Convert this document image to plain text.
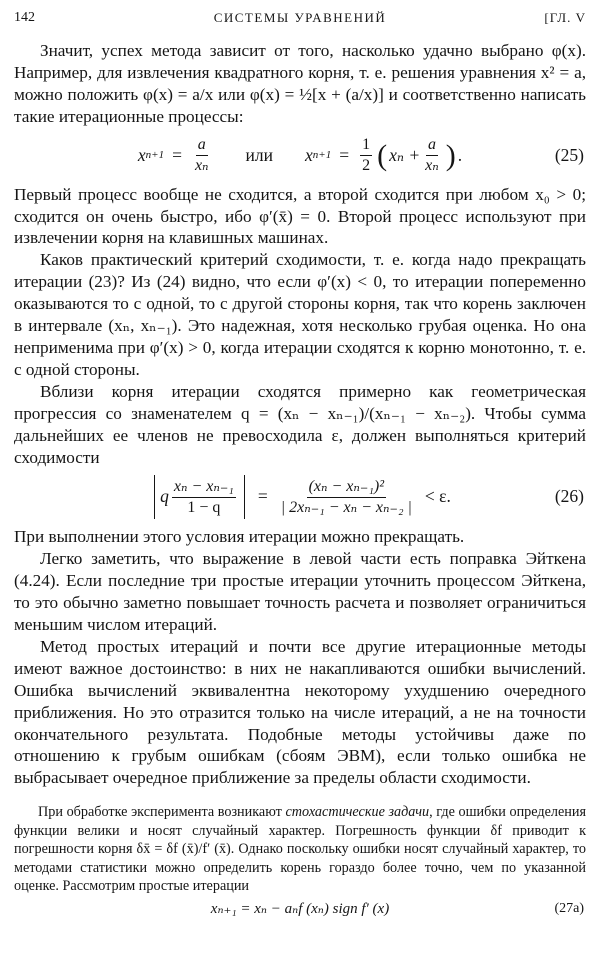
142	СИСТЕМЫ УРАВНЕНИЙ	[ГЛ. V

Значит, успех метода зависит от того, насколько удачно выбрано φ(x). Например, для извлечения квадратного корня, т. е. решения уравнения x² = a, можно положить φ(x) = a/x или φ(x) = ½[x + (a/x)] и соответственно написать такие итерационные процессы:

x $n+1 = \frac{a}{\text{xₙ}}$ или x $n+1 = \frac{1}{2}$ ( $x_n + \frac{a}{\text{xₙ}}$ ) .	(25)

Первый процесс вообще не сходится, а второй сходится при любом x₀ > 0; сходится он очень быстро, ибо φ′(x̄) = 0. Второй процесс используют при извлечении корня на клавишных машинах.

Каков практический критерий сходимости, т. е. когда надо прекращать итерации (23)? Из (24) видно, что если φ′(x) < 0, то итерации попеременно оказываются то с одной, то с другой стороны корня, так что корень заключен в интервале (xₙ, xₙ₋₁). Это надежная, хотя несколько грубая оценка. Но она неприменима при φ′(x) > 0, когда итерации сходятся к корню монотонно, т. е. с одной стороны.

Вблизи корня итерации сходятся примерно как геометрическая прогрессия со знаменателем q = (xₙ − xₙ₋₁)/(xₙ₋₁ − xₙ₋₂). Чтобы сумма дальнейших ее членов не превосходила ε, должен выполняться критерий сходимости

q $\frac{\text{xₙ − xₙ₋₁}}{1 - q} = \frac{\text{(xₙ − xₙ₋₁)²}}{\text{| 2xₙ₋₁ − xₙ − xₙ₋₂ |}} < \varepsilon$.	(26)

При выполнении этого условия итерации можно прекращать.

Легко заметить, что выражение в левой части есть поправка Эйткена (4.24). Если последние три простые итерации уточнить процессом Эйткена, то это обычно заметно повышает точность расчета и позволяет ограничиться меньшим числом итераций.

Метод простых итераций и почти все другие итерационные методы имеют важное достоинство: в них не накапливаются ошибки вычислений. Ошибка вычислений эквивалентна некоторому ухудшению очередного приближения. Но это отразится только на числе итераций, а не на точности окончательного результата. Подобные методы устойчивы даже по отношению к грубым ошибкам (сбоям ЭВМ), если только ошибка не выбрасывает очередное приближение за пределы области сходимости.

При обработке эксперимента возникают стохастические задачи, где ошибки определения функции велики и носят случайный характер. Погрешность функции δf приводит к погрешности корня δx̄ = δf (x̄)/f′ (x̄). Однако поскольку ошибки носят случайный характер, то методами статистики можно определить корень гораздо более точно, чем по указанной оценке. Рассмотрим простые итерации

xₙ₊₁ = xₙ − aₙf (xₙ) sign f′ (x)	(27a)
